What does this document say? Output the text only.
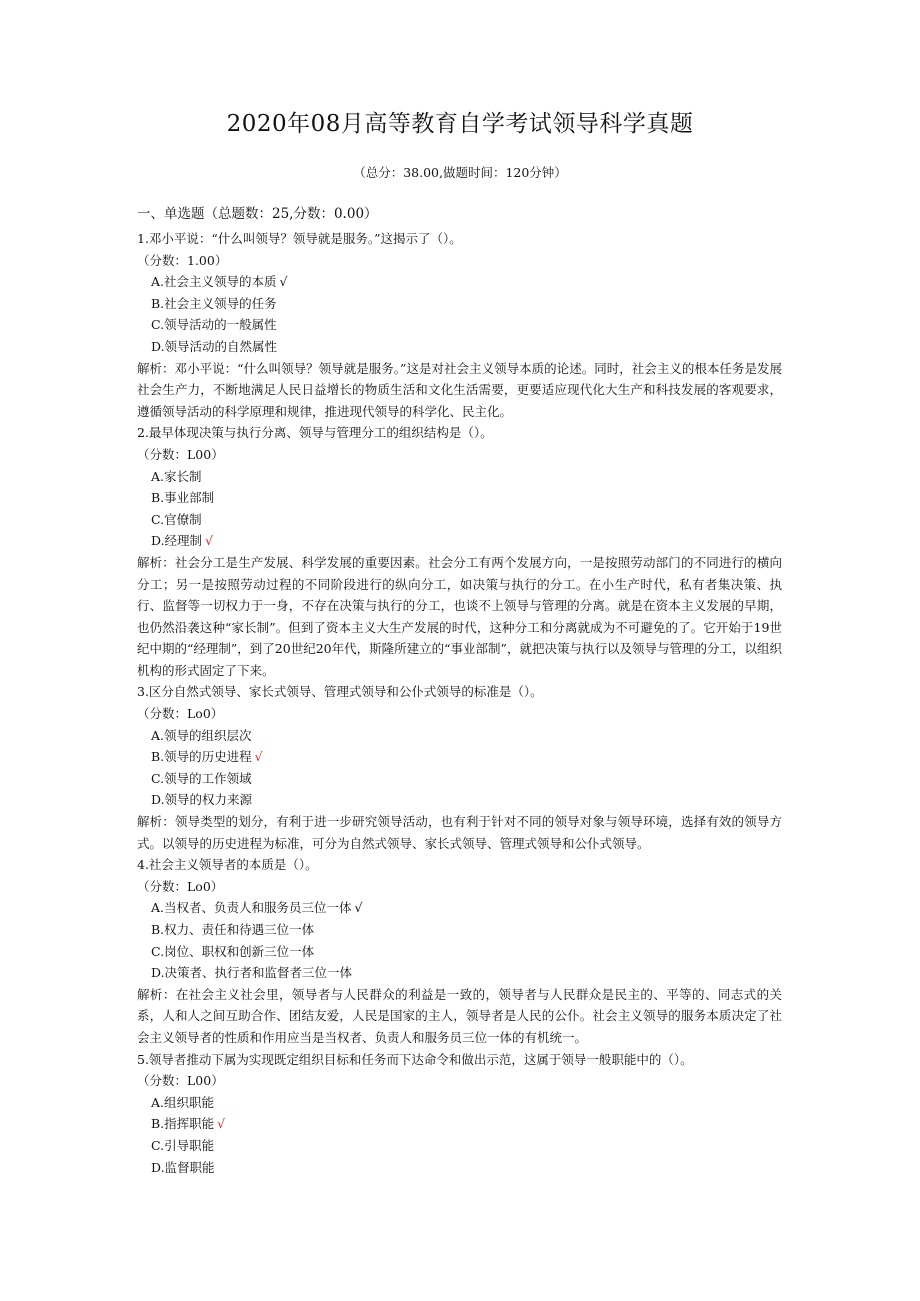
2020年08月高等教育自学考试领导科学真题
（总分：38.00,做题时间：120分钟）
一、单选题（总题数：25,分数：0.00）

1.邓小平说：“什么叫领导？领导就是服务。”这揭示了（）。

（分数：1.00）

A.社会主义领导的本质 √

B.社会主义领导的任务

C.领导活动的一般属性

D.领导活动的自然属性

解析：邓小平说：“什么叫领导？领导就是服务。”这是对社会主义领导本质的论述。同时，社会主义的根本任务是发展社会生产力，不断地满足人民日益增长的物质生活和文化生活需要，更要适应现代化大生产和科技发展的客观要求，遵循领导活动的科学原理和规律，推进现代领导的科学化、民主化。

2.最早体现决策与执行分离、领导与管理分工的组织结构是（）。

（分数：L00）

A.家长制

B.事业部制

C.官僚制

D.经理制 √

解析：社会分工是生产发展、科学发展的重要因素。社会分工有两个发展方向，一是按照劳动部门的不同进行的横向分工；另一是按照劳动过程的不同阶段进行的纵向分工，如决策与执行的分工。在小生产时代，私有者集决策、执行、监督等一切权力于一身，不存在决策与执行的分工，也谈不上领导与管理的分离。就是在资本主义发展的早期，也仍然沿袭这种“家长制”。但到了资本主义大生产发展的时代，这种分工和分离就成为不可避免的了。它开始于19世纪中期的“经理制”，到了20世纪20年代，斯隆所建立的“事业部制”，就把决策与执行以及领导与管理的分工，以组织机构的形式固定了下来。

3.区分自然式领导、家长式领导、管理式领导和公仆式领导的标准是（）。

（分数：Lo0）

A.领导的组织层次

B.领导的历史进程 √

C.领导的工作领域

D.领导的权力来源

解析：领导类型的划分，有利于进一步研究领导活动，也有利于针对不同的领导对象与领导环境，选择有效的领导方式。以领导的历史进程为标准，可分为自然式领导、家长式领导、管理式领导和公仆式领导。

4.社会主义领导者的本质是（）。

（分数：Lo0）

A.当权者、负责人和服务员三位一体 √

B.权力、责任和待遇三位一体

C.岗位、职权和创新三位一体

D.决策者、执行者和监督者三位一体

解析：在社会主义社会里，领导者与人民群众的利益是一致的，领导者与人民群众是民主的、平等的、同志式的关系，人和人之间互助合作、团结友爱，人民是国家的主人，领导者是人民的公仆。社会主义领导的服务本质决定了社会主义领导者的性质和作用应当是当权者、负责人和服务员三位一体的有机统一。

5.领导者推动下属为实现既定组织目标和任务而下达命令和做出示范，这属于领导一般职能中的（）。

（分数：L00）

A.组织职能

B.指挥职能 √

C.引导职能

D.监督职能
